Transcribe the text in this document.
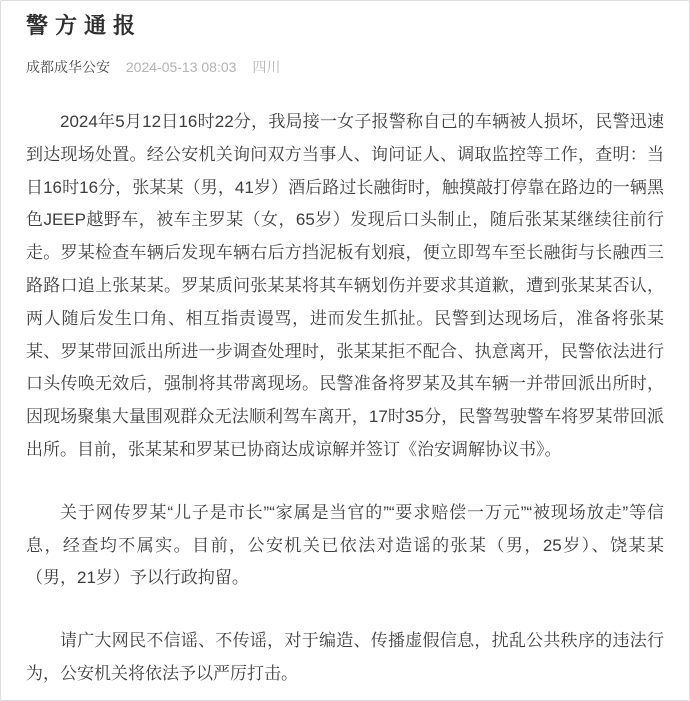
警方通报
成都成华公安 2024-05-13 08:03 四川

2024年5月12日16时22分，我局接一女子报警称自己的车辆被人损坏，民警迅速到达现场处置。经公安机关询问双方当事人、询问证人、调取监控等工作，查明：当日16时16分，张某某（男，41岁）酒后路过长融街时，触摸敲打停靠在路边的一辆黑色JEEP越野车，被车主罗某（女，65岁）发现后口头制止，随后张某某继续往前行走。罗某检查车辆后发现车辆右后方挡泥板有划痕，便立即驾车至长融街与长融西三路路口追上张某某。罗某质问张某某将其车辆划伤并要求其道歉，遭到张某某否认，两人随后发生口角、相互指责谩骂，进而发生抓扯。民警到达现场后，准备将张某某、罗某带回派出所进一步调查处理时，张某某拒不配合、执意离开，民警依法进行口头传唤无效后，强制将其带离现场。民警准备将罗某及其车辆一并带回派出所时，因现场聚集大量围观群众无法顺利驾车离开，17时35分，民警驾驶警车将罗某带回派出所。目前，张某某和罗某已协商达成谅解并签订《治安调解协议书》。

关于网传罗某“儿子是市长”“家属是当官的”“要求赔偿一万元”“被现场放走”等信息，经查均不属实。目前，公安机关已依法对造谣的张某（男，25岁）、饶某某（男，21岁）予以行政拘留。

请广大网民不信谣、不传谣，对于编造、传播虚假信息，扰乱公共秩序的违法行为，公安机关将依法予以严厉打击。
